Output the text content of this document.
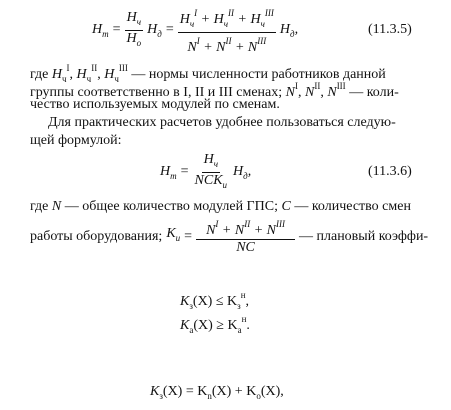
$H_m = \frac{H_ч}{H_o} H_д = \frac{H_ч^I + H_ч^{II} + H_ч^{III}}{N^I + N^{II} + N^{III}} H_д$,	(11.3.5)
где $H_ч^I$, $H_ч^{II}$, $H_ч^{III}$ — нормы численности работников данной
группы соответственно в I, II и III сменах; $N^I$, $N^{II}$, $N^{III}$ — коли-
чество используемых модулей по сменам.
Для практических расчетов удобнее пользоваться следую-
щей формулой:
$H_m = \frac{H_ч}{NCK_u} H_д$,	(11.3.6)
где N — общее количество модулей ГПС; C — количество смен
работы оборудования; $K_u = \frac{N^I + N^{II} + N^{III}}{NC}$ — плановый коэффи-
$K_з(X) \le K_з^н$,
$K_a(X) \ge K_a^н$.
$K_з(X) = K_n(X) + K_o(X)$,
